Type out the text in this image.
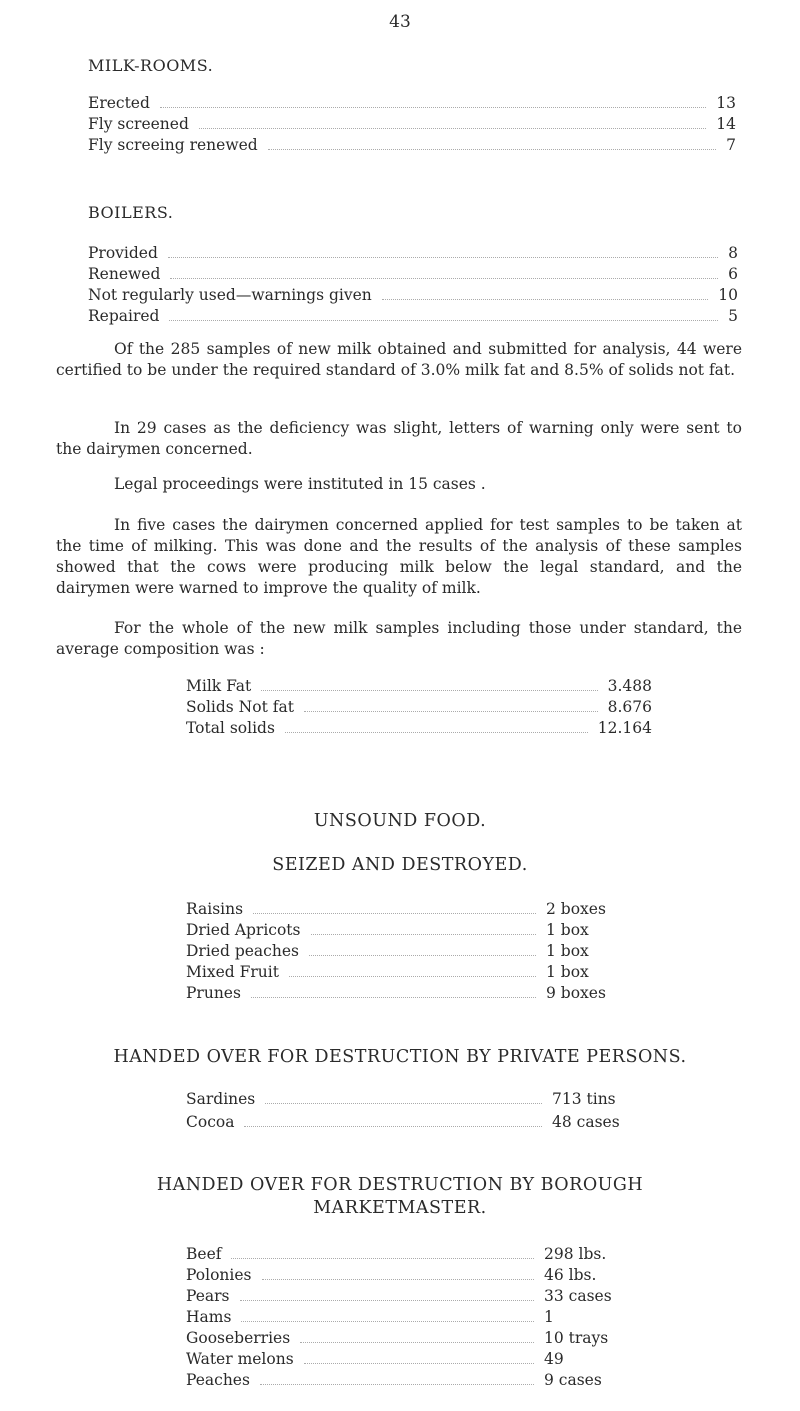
43
MILK-ROOMS.
Erected	13
Fly screened	14
Fly screeing renewed	7
BOILERS.
Provided	8
Renewed	6
Not regularly used—warnings given	10
Repaired	5

Of the 285 samples of new milk obtained and submitted for analysis, 44 were certified to be under the required standard of 3.0% milk fat and 8.5% of solids not fat.

In 29 cases as the deficiency was slight, letters of warning only were sent to the dairymen concerned.

Legal proceedings were instituted in 15 cases .

In five cases the dairymen concerned applied for test samples to be taken at the time of milking. This was done and the results of the analysis of these samples showed that the cows were producing milk below the legal standard, and the dairymen were warned to improve the quality of milk.

For the whole of the new milk samples including those under standard, the average composition was :

Milk Fat	3.488
Solids Not fat	8.676
Total solids	12.164
UNSOUND FOOD.
SEIZED AND DESTROYED.
Raisins	2 boxes
Dried Apricots	1 box
Dried peaches	1 box
Mixed Fruit	1 box
Prunes	9 boxes
HANDED OVER FOR DESTRUCTION BY PRIVATE PERSONS.
Sardines	713 tins
Cocoa	48 cases
HANDED OVER FOR DESTRUCTION BY BOROUGH
MARKETMASTER.
Beef	298 lbs.
Polonies	46 lbs.
Pears	33 cases
Hams	1
Gooseberries	10 trays
Water melons	49
Peaches	9 cases
